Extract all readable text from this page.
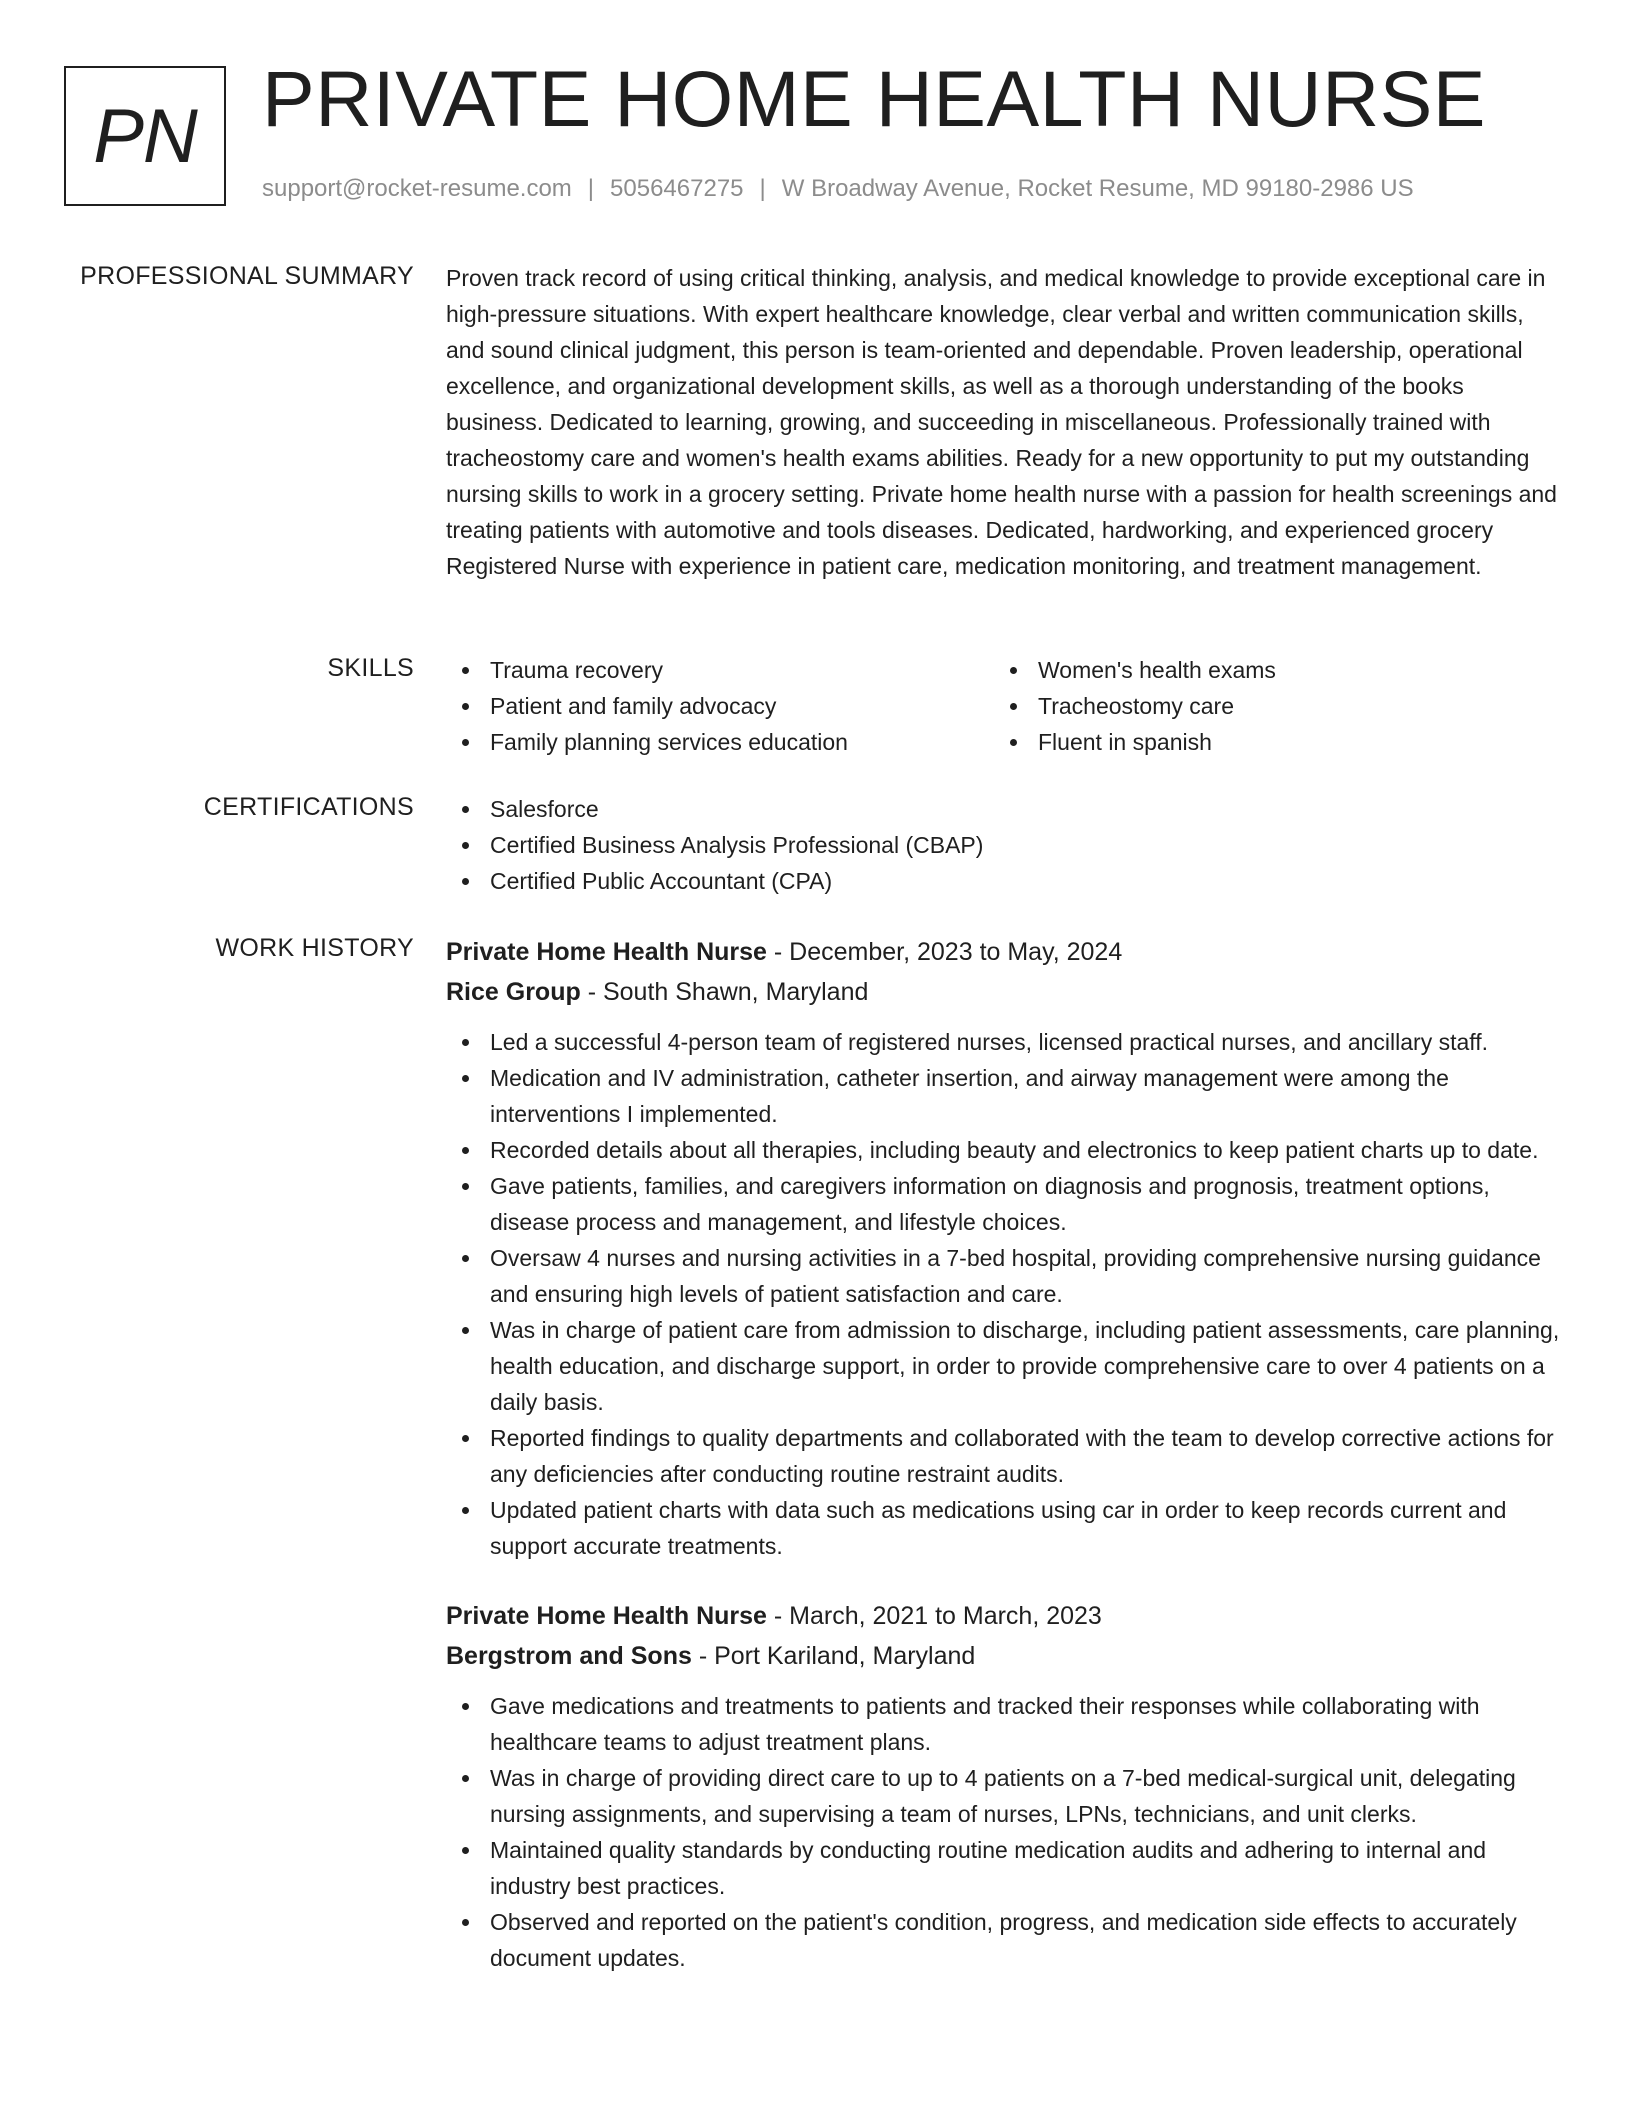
PN PRIVATE HOME HEALTH NURSE
support@rocket-resume.com | 5056467275 | W Broadway Avenue, Rocket Resume, MD 99180-2986 US
PROFESSIONAL SUMMARY Proven track record of using critical thinking, analysis, and medical knowledge to provide exceptional care in high-pressure situations. With expert healthcare knowledge, clear verbal and written communication skills, and sound clinical judgment, this person is team-oriented and dependable. Proven leadership, operational excellence, and organizational development skills, as well as a thorough understanding of the books business. Dedicated to learning, growing, and succeeding in miscellaneous. Professionally trained with tracheostomy care and women's health exams abilities. Ready for a new opportunity to put my outstanding nursing skills to work in a grocery setting. Private home health nurse with a passion for health screenings and treating patients with automotive and tools diseases. Dedicated, hardworking, and experienced grocery Registered Nurse with experience in patient care, medication monitoring, and treatment management.

SKILLS	Trauma recovery
Patient and family advocacy
Family planning services education
Women's health exams
Tracheostomy care
Fluent in spanish
CERTIFICATIONS	Salesforce
Certified Business Analysis Professional (CBAP)
Certified Public Accountant (CPA)
WORK HISTORY Private Home Health Nurse - December, 2023 to May, 2024
Rice Group - South Shawn, Maryland
Led a successful 4-person team of registered nurses, licensed practical nurses, and ancillary staff.
Medication and IV administration, catheter insertion, and airway management were among the interventions I implemented.
Recorded details about all therapies, including beauty and electronics to keep patient charts up to date.
Gave patients, families, and caregivers information on diagnosis and prognosis, treatment options, disease process and management, and lifestyle choices.
Oversaw 4 nurses and nursing activities in a 7-bed hospital, providing comprehensive nursing guidance and ensuring high levels of patient satisfaction and care.
Was in charge of patient care from admission to discharge, including patient assessments, care planning, health education, and discharge support, in order to provide comprehensive care to over 4 patients on a daily basis.
Reported findings to quality departments and collaborated with the team to develop corrective actions for any deficiencies after conducting routine restraint audits.
Updated patient charts with data such as medications using car in order to keep records current and support accurate treatments.
Private Home Health Nurse - March, 2021 to March, 2023
Bergstrom and Sons - Port Kariland, Maryland
Gave medications and treatments to patients and tracked their responses while collaborating with healthcare teams to adjust treatment plans.
Was in charge of providing direct care to up to 4 patients on a 7-bed medical-surgical unit, delegating nursing assignments, and supervising a team of nurses, LPNs, technicians, and unit clerks.
Maintained quality standards by conducting routine medication audits and adhering to internal and industry best practices.
Observed and reported on the patient's condition, progress, and medication side effects to accurately document updates.
